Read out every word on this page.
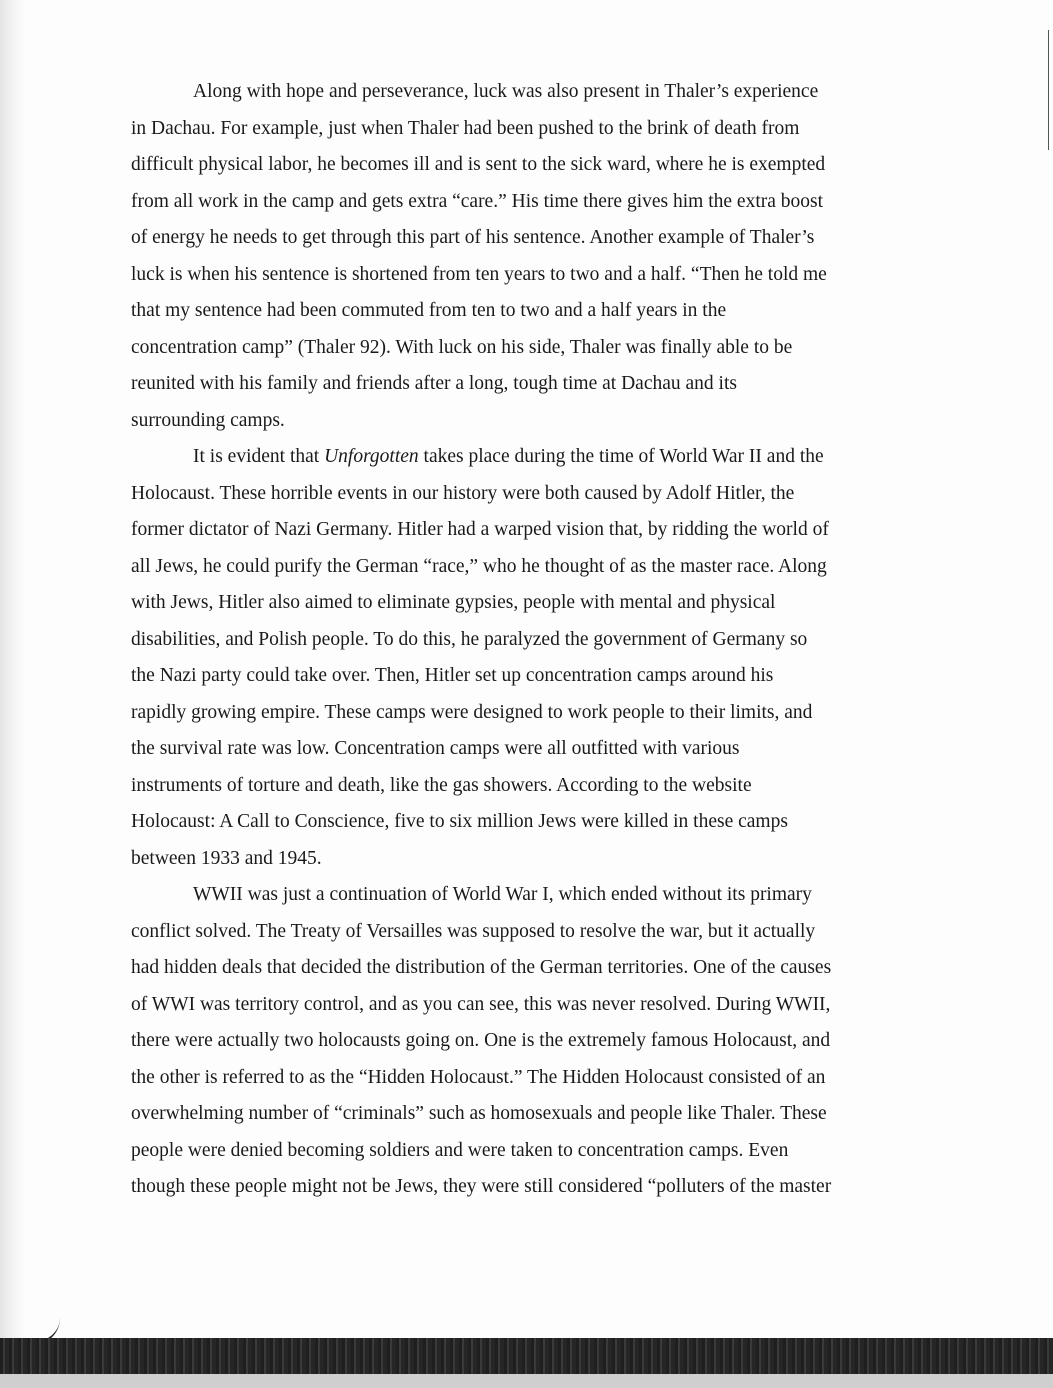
Along with hope and perseverance, luck was also present in Thaler’s experience
in Dachau. For example, just when Thaler had been pushed to the brink of death from
difficult physical labor, he becomes ill and is sent to the sick ward, where he is exempted
from all work in the camp and gets extra “care.” His time there gives him the extra boost
of energy he needs to get through this part of his sentence. Another example of Thaler’s
luck is when his sentence is shortened from ten years to two and a half. “Then he told me
that my sentence had been commuted from ten to two and a half years in the
concentration camp” (Thaler 92). With luck on his side, Thaler was finally able to be
reunited with his family and friends after a long, tough time at Dachau and its
surrounding camps.

It is evident that Unforgotten takes place during the time of World War II and the
Holocaust. These horrible events in our history were both caused by Adolf Hitler, the
former dictator of Nazi Germany. Hitler had a warped vision that, by ridding the world of
all Jews, he could purify the German “race,” who he thought of as the master race. Along
with Jews, Hitler also aimed to eliminate gypsies, people with mental and physical
disabilities, and Polish people. To do this, he paralyzed the government of Germany so
the Nazi party could take over. Then, Hitler set up concentration camps around his
rapidly growing empire. These camps were designed to work people to their limits, and
the survival rate was low. Concentration camps were all outfitted with various
instruments of torture and death, like the gas showers. According to the website
Holocaust: A Call to Conscience, five to six million Jews were killed in these camps
between 1933 and 1945.

WWII was just a continuation of World War I, which ended without its primary
conflict solved. The Treaty of Versailles was supposed to resolve the war, but it actually
had hidden deals that decided the distribution of the German territories. One of the causes
of WWI was territory control, and as you can see, this was never resolved. During WWII,
there were actually two holocausts going on. One is the extremely famous Holocaust, and
the other is referred to as the “Hidden Holocaust.” The Hidden Holocaust consisted of an
overwhelming number of “criminals” such as homosexuals and people like Thaler. These
people were denied becoming soldiers and were taken to concentration camps. Even
though these people might not be Jews, they were still considered “polluters of the master
